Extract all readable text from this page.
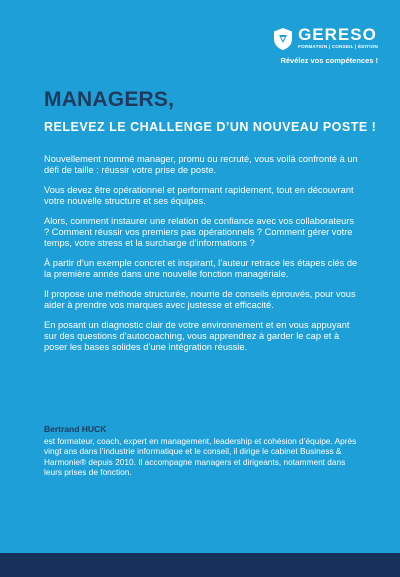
GERESO
FORMATION | CONSEIL | ÉDITION
Révélez vos compétences !
MANAGERS,
RELEVEZ LE CHALLENGE D’UN NOUVEAU POSTE !

Nouvellement nommé manager, promu ou recruté, vous voilà confronté à un défi de taille : réussir votre prise de poste.

Vous devez être opérationnel et performant rapidement, tout en découvrant votre nouvelle structure et ses équipes.

Alors, comment instaurer une relation de confiance avec vos collaborateurs ? Comment réussir vos premiers pas opérationnels ? Comment gérer votre temps, votre stress et la surcharge d’informations ?

À partir d’un exemple concret et inspirant, l’auteur retrace les étapes clés de la première année dans une nouvelle fonction managériale.

Il propose une méthode structurée, nourrie de conseils éprouvés, pour vous aider à prendre vos marques avec justesse et efficacité.

En posant un diagnostic clair de votre environnement et en vous appuyant sur des questions d’autocoaching, vous apprendrez à garder le cap et à poser les bases solides d’une intégration réussie.

Bertrand HUCK
est formateur, coach, expert en management, leadership et cohésion d’équipe. Après vingt ans dans l’industrie informatique et le conseil, il dirige le cabinet Business & Harmonie® depuis 2010. Il accompagne managers et dirigeants, notamment dans leurs prises de fonction.
